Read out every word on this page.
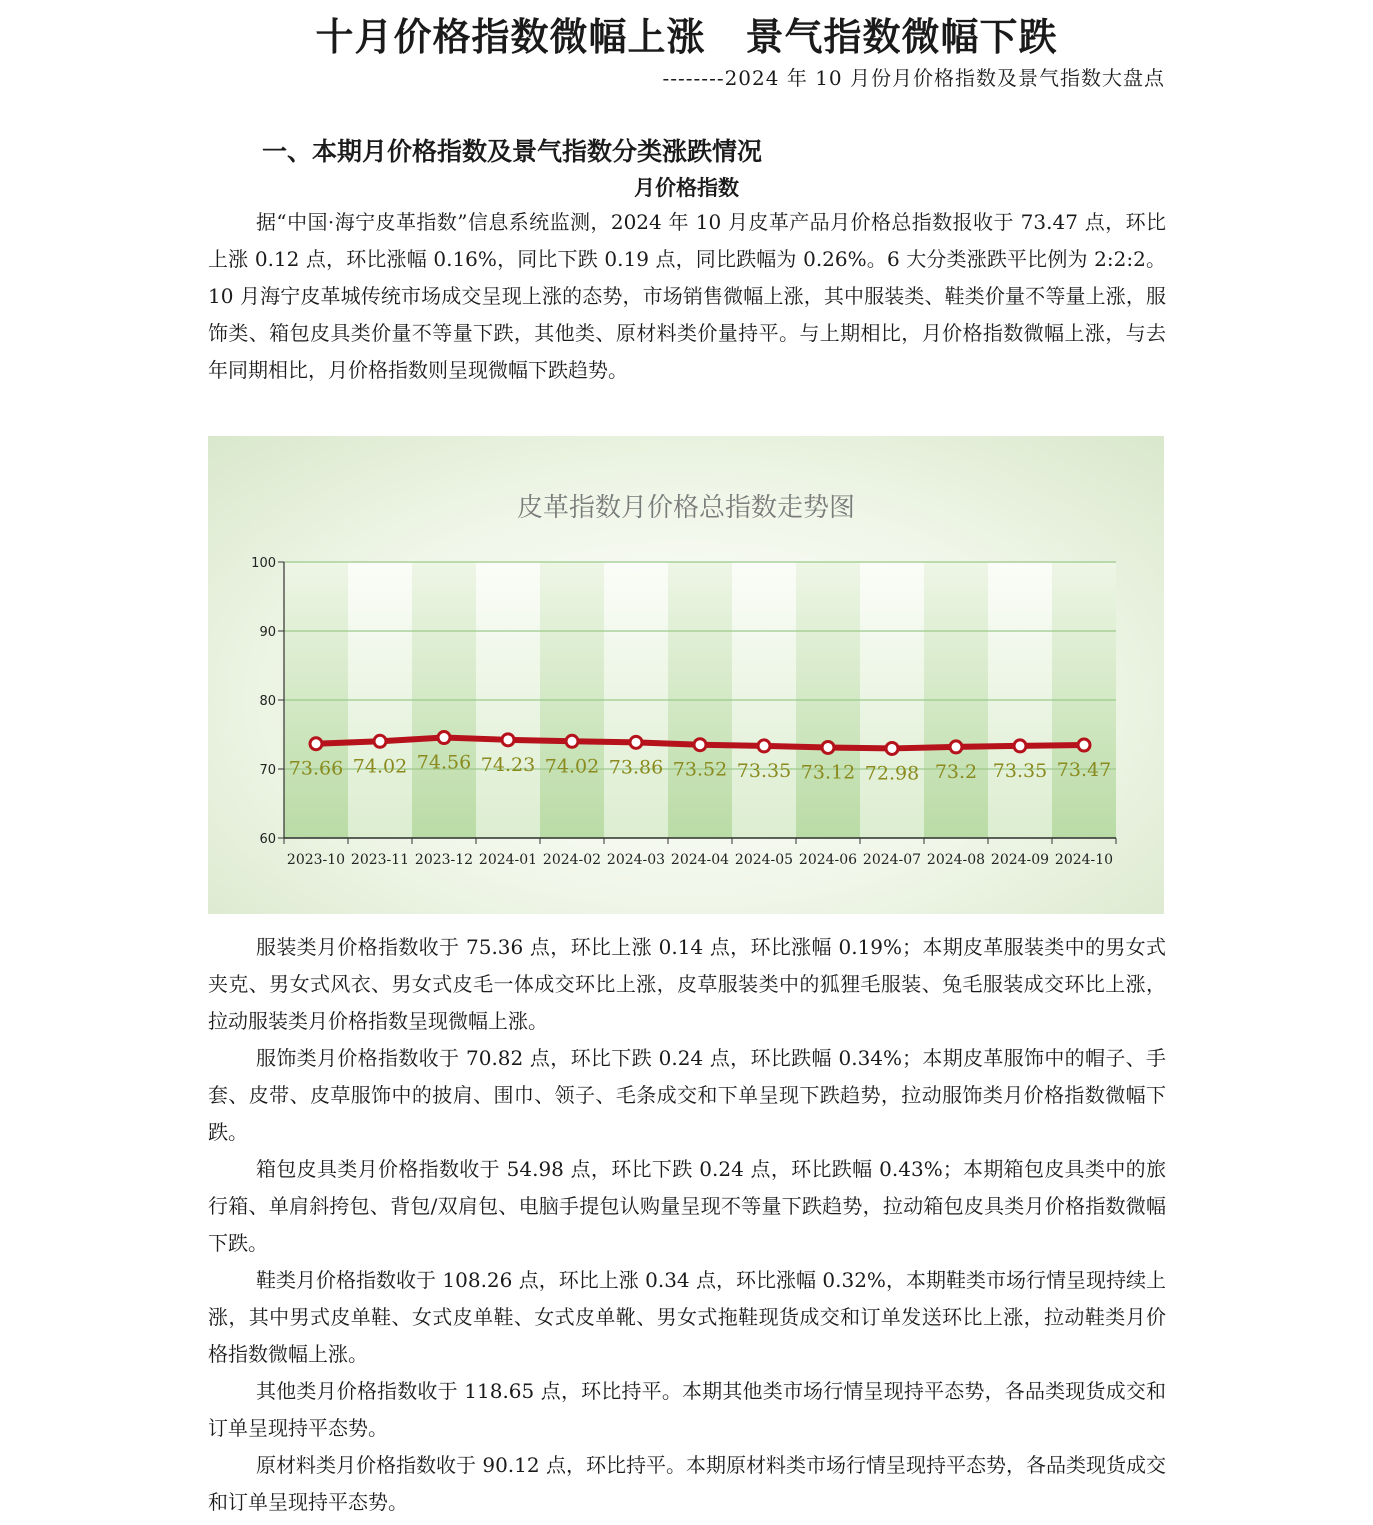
十月价格指数微幅上涨 景气指数微幅下跌

--------2024 年 10 月份月价格指数及景气指数大盘点

一、本期月价格指数及景气指数分类涨跌情况
月价格指数

据“中国·海宁皮革指数”信息系统监测，2024 年 10 月皮革产品月价格总指数报收于 73.47 点，环比上涨 0.12 点，环比涨幅 0.16%，同比下跌 0.19 点，同比跌幅为 0.26%。6 大分类涨跌平比例为 2:2:2。10 月海宁皮革城传统市场成交呈现上涨的态势，市场销售微幅上涨，其中服装类、鞋类价量不等量上涨，服饰类、箱包皮具类价量不等量下跌，其他类、原材料类价量持平。与上期相比，月价格指数微幅上涨，与去年同期相比，月价格指数则呈现微幅下跌趋势。

皮革指数月价格总指数走势图
60
70
80
90
100
2023-10 2023-11 2023-12 2024-01 2024-02 2024-03 2024-04 2024-05 2024-06 2024-07 2024-08 2024-09 2024-10
73.66 74.02 74.56 74.23 74.02 73.86 73.52 73.35 73.12 72.98 73.2 73.35 73.47

服装类月价格指数收于 75.36 点，环比上涨 0.14 点，环比涨幅 0.19%；本期皮革服装类中的男女式夹克、男女式风衣、男女式皮毛一体成交环比上涨，皮草服装类中的狐狸毛服装、兔毛服装成交环比上涨，拉动服装类月价格指数呈现微幅上涨。

服饰类月价格指数收于 70.82 点，环比下跌 0.24 点，环比跌幅 0.34%；本期皮革服饰中的帽子、手套、皮带、皮草服饰中的披肩、围巾、领子、毛条成交和下单呈现下跌趋势，拉动服饰类月价格指数微幅下跌。

箱包皮具类月价格指数收于 54.98 点，环比下跌 0.24 点，环比跌幅 0.43%；本期箱包皮具类中的旅行箱、单肩斜挎包、背包/双肩包、电脑手提包认购量呈现不等量下跌趋势，拉动箱包皮具类月价格指数微幅下跌。

鞋类月价格指数收于 108.26 点，环比上涨 0.34 点，环比涨幅 0.32%，本期鞋类市场行情呈现持续上涨，其中男式皮单鞋、女式皮单鞋、女式皮单靴、男女式拖鞋现货成交和订单发送环比上涨，拉动鞋类月价格指数微幅上涨。

其他类月价格指数收于 118.65 点，环比持平。本期其他类市场行情呈现持平态势，各品类现货成交和订单呈现持平态势。

原材料类月价格指数收于 90.12 点，环比持平。本期原材料类市场行情呈现持平态势，各品类现货成交和订单呈现持平态势。
